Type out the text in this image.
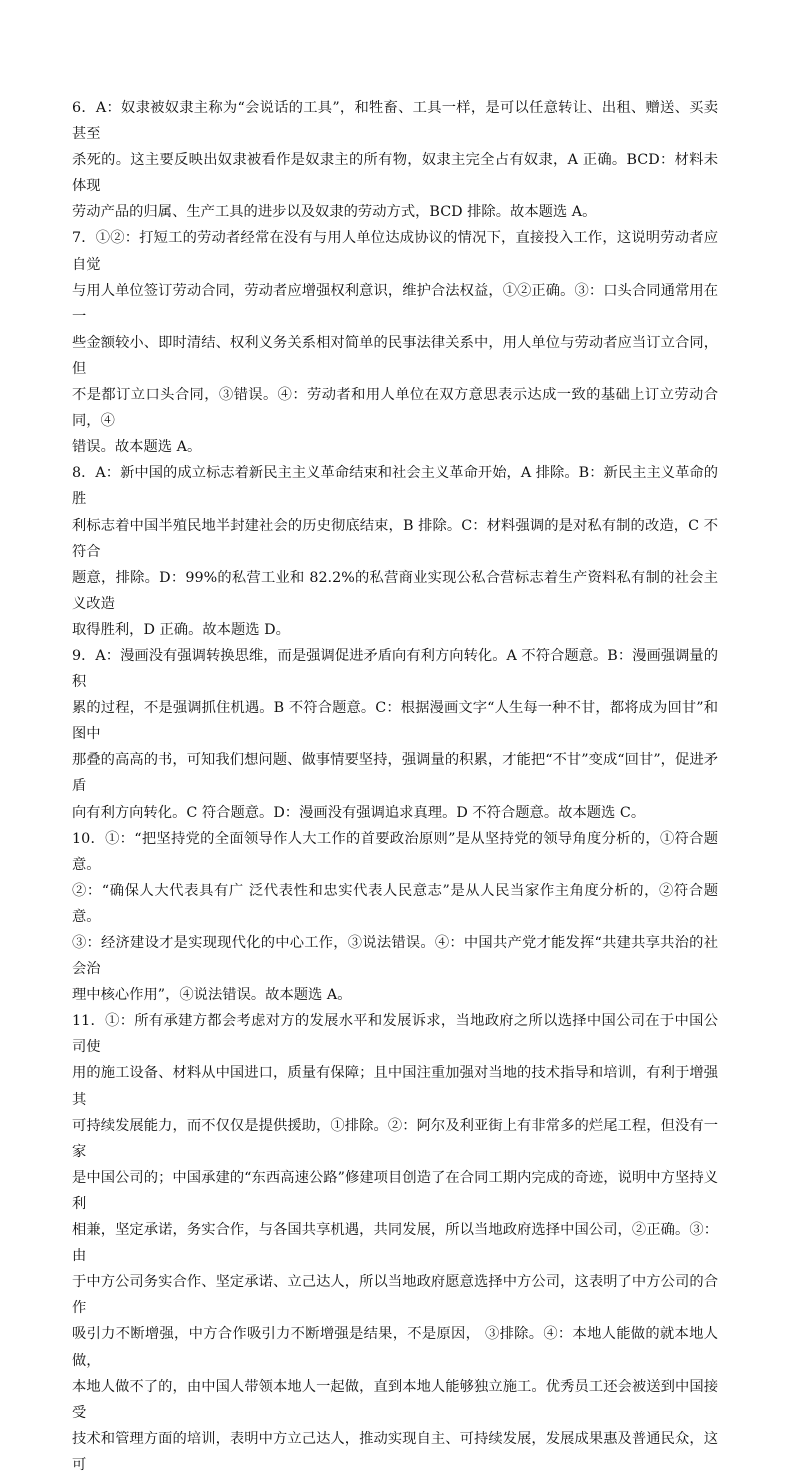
6．A：奴隶被奴隶主称为“会说话的工具”，和牲畜、工具一样，是可以任意转让、出租、赠送、买卖甚至

杀死的。这主要反映出奴隶被看作是奴隶主的所有物，奴隶主完全占有奴隶，A 正确。BCD：材料未体现

劳动产品的归属、生产工具的进步以及奴隶的劳动方式，BCD 排除。故本题选 A。

7．①②：打短工的劳动者经常在没有与用人单位达成协议的情况下，直接投入工作，这说明劳动者应自觉

与用人单位签订劳动合同，劳动者应增强权利意识，维护合法权益，①②正确。③：口头合同通常用在一

些金额较小、即时清结、权利义务关系相对简单的民事法律关系中，用人单位与劳动者应当订立合同，但

不是都订立口头合同，③错误。④：劳动者和用人单位在双方意思表示达成一致的基础上订立劳动合同，④

错误。故本题选 A。

8．A：新中国的成立标志着新民主主义革命结束和社会主义革命开始，A 排除。B：新民主主义革命的胜

利标志着中国半殖民地半封建社会的历史彻底结束，B 排除。C：材料强调的是对私有制的改造，C 不符合

题意，排除。D：99%的私营工业和 82.2%的私营商业实现公私合营标志着生产资料私有制的社会主义改造

取得胜利，D 正确。故本题选 D。

9．A：漫画没有强调转换思维，而是强调促进矛盾向有利方向转化。A 不符合题意。B：漫画强调量的积

累的过程，不是强调抓住机遇。B 不符合题意。C：根据漫画文字“人生每一种不甘，都将成为回甘”和图中

那叠的高高的书，可知我们想问题、做事情要坚持，强调量的积累，才能把“不甘”变成“回甘”，促进矛盾

向有利方向转化。C 符合题意。D：漫画没有强调追求真理。D 不符合题意。故本题选 C。

10．①：“把坚持党的全面领导作人大工作的首要政治原则”是从坚持党的领导角度分析的，①符合题意。

②：“确保人大代表具有广 泛代表性和忠实代表人民意志”是从人民当家作主角度分析的，②符合题意。

③：经济建设才是实现现代化的中心工作，③说法错误。④：中国共产党才能发挥“共建共享共治的社会治

理中核心作用”，④说法错误。故本题选 A。

11．①：所有承建方都会考虑对方的发展水平和发展诉求，当地政府之所以选择中国公司在于中国公司使

用的施工设备、材料从中国进口，质量有保障；且中国注重加强对当地的技术指导和培训，有利于增强其

可持续发展能力，而不仅仅是提供援助，①排除。②：阿尔及利亚街上有非常多的烂尾工程，但没有一家

是中国公司的；中国承建的“东西高速公路”修建项目创造了在合同工期内完成的奇迹，说明中方坚持义利

相兼，坚定承诺，务实合作，与各国共享机遇，共同发展，所以当地政府选择中国公司，②正确。③：由

于中方公司务实合作、坚定承诺、立己达人，所以当地政府愿意选择中方公司，这表明了中方公司的合作

吸引力不断增强，中方合作吸引力不断增强是结果，不是原因， ③排除。④：本地人能做的就本地人做，

本地人做不了的，由中国人带领本地人一起做，直到本地人能够独立施工。优秀员工还会被送到中国接受

技术和管理方面的培训，表明中方立己达人，推动实现自主、可持续发展，发展成果惠及普通民众，这可
